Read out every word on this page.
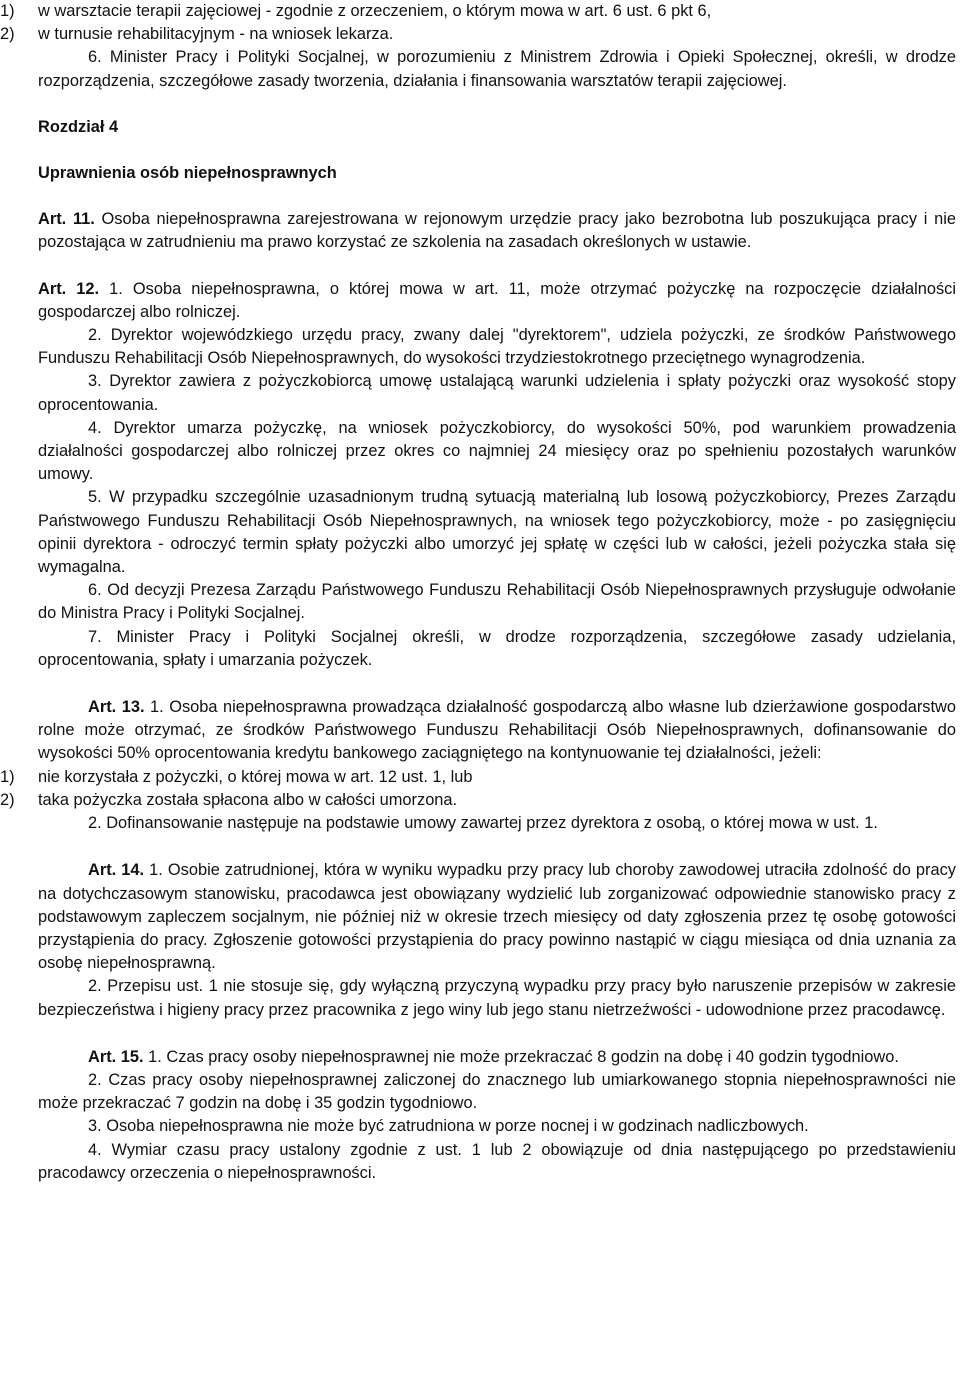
1)	w warsztacie terapii zajęciowej - zgodnie z orzeczeniem, o którym mowa w art. 6 ust. 6 pkt 6,
2)	w turnusie rehabilitacyjnym - na wniosek lekarza.

6. Minister Pracy i Polityki Socjalnej, w porozumieniu z Ministrem Zdrowia i Opieki Społecznej, określi, w drodze rozporządzenia, szczegółowe zasady tworzenia, działania i finansowania warsztatów terapii zajęciowej.

Rozdział 4
Uprawnienia osób niepełnosprawnych

Art. 11. Osoba niepełnosprawna zarejestrowana w rejonowym urzędzie pracy jako bezrobotna lub poszukująca pracy i nie pozostająca w zatrudnieniu ma prawo korzystać ze szkolenia na zasadach określonych w ustawie.

Art. 12. 1. Osoba niepełnosprawna, o której mowa w art. 11, może otrzymać pożyczkę na rozpoczęcie działalności gospodarczej albo rolniczej.

2. Dyrektor wojewódzkiego urzędu pracy, zwany dalej "dyrektorem", udziela pożyczki, ze środków Państwowego Funduszu Rehabilitacji Osób Niepełnosprawnych, do wysokości trzydziestokrotnego przeciętnego wynagrodzenia.

3. Dyrektor zawiera z pożyczkobiorcą umowę ustalającą warunki udzielenia i spłaty pożyczki oraz wysokość stopy oprocentowania.

4. Dyrektor umarza pożyczkę, na wniosek pożyczkobiorcy, do wysokości 50%, pod warunkiem prowadzenia działalności gospodarczej albo rolniczej przez okres co najmniej 24 miesięcy oraz po spełnieniu pozostałych warunków umowy.

5. W przypadku szczególnie uzasadnionym trudną sytuacją materialną lub losową pożyczkobiorcy, Prezes Zarządu Państwowego Funduszu Rehabilitacji Osób Niepełnosprawnych, na wniosek tego pożyczkobiorcy, może - po zasięgnięciu opinii dyrektora - odroczyć termin spłaty pożyczki albo umorzyć jej spłatę w części lub w całości, jeżeli pożyczka stała się wymagalna.

6. Od decyzji Prezesa Zarządu Państwowego Funduszu Rehabilitacji Osób Niepełnosprawnych przysługuje odwołanie do Ministra Pracy i Polityki Socjalnej.

7. Minister Pracy i Polityki Socjalnej określi, w drodze rozporządzenia, szczegółowe zasady udzielania, oprocentowania, spłaty i umarzania pożyczek.

Art. 13. 1. Osoba niepełnosprawna prowadząca działalność gospodarczą albo własne lub dzierżawione gospodarstwo rolne może otrzymać, ze środków Państwowego Funduszu Rehabilitacji Osób Niepełnosprawnych, dofinansowanie do wysokości 50% oprocentowania kredytu bankowego zaciągniętego na kontynuowanie tej działalności, jeżeli:

1)	nie korzystała z pożyczki, o której mowa w art. 12 ust. 1, lub
2)	taka pożyczka została spłacona albo w całości umorzona.

2. Dofinansowanie następuje na podstawie umowy zawartej przez dyrektora z osobą, o której mowa w ust. 1.

Art. 14. 1. Osobie zatrudnionej, która w wyniku wypadku przy pracy lub choroby zawodowej utraciła zdolność do pracy na dotychczasowym stanowisku, pracodawca jest obowiązany wydzielić lub zorganizować odpowiednie stanowisko pracy z podstawowym zapleczem socjalnym, nie później niż w okresie trzech miesięcy od daty zgłoszenia przez tę osobę gotowości przystąpienia do pracy. Zgłoszenie gotowości przystąpienia do pracy powinno nastąpić w ciągu miesiąca od dnia uznania za osobę niepełnosprawną.

2. Przepisu ust. 1 nie stosuje się, gdy wyłączną przyczyną wypadku przy pracy było naruszenie przepisów w zakresie bezpieczeństwa i higieny pracy przez pracownika z jego winy lub jego stanu nietrzeźwości - udowodnione przez pracodawcę.

Art. 15. 1. Czas pracy osoby niepełnosprawnej nie może przekraczać 8 godzin na dobę i 40 godzin tygodniowo.

2. Czas pracy osoby niepełnosprawnej zaliczonej do znacznego lub umiarkowanego stopnia niepełnosprawności nie może przekraczać 7 godzin na dobę i 35 godzin tygodniowo.

3. Osoba niepełnosprawna nie może być zatrudniona w porze nocnej i w godzinach nadliczbowych.

4. Wymiar czasu pracy ustalony zgodnie z ust. 1 lub 2 obowiązuje od dnia następującego po przedstawieniu pracodawcy orzeczenia o niepełnosprawności.
